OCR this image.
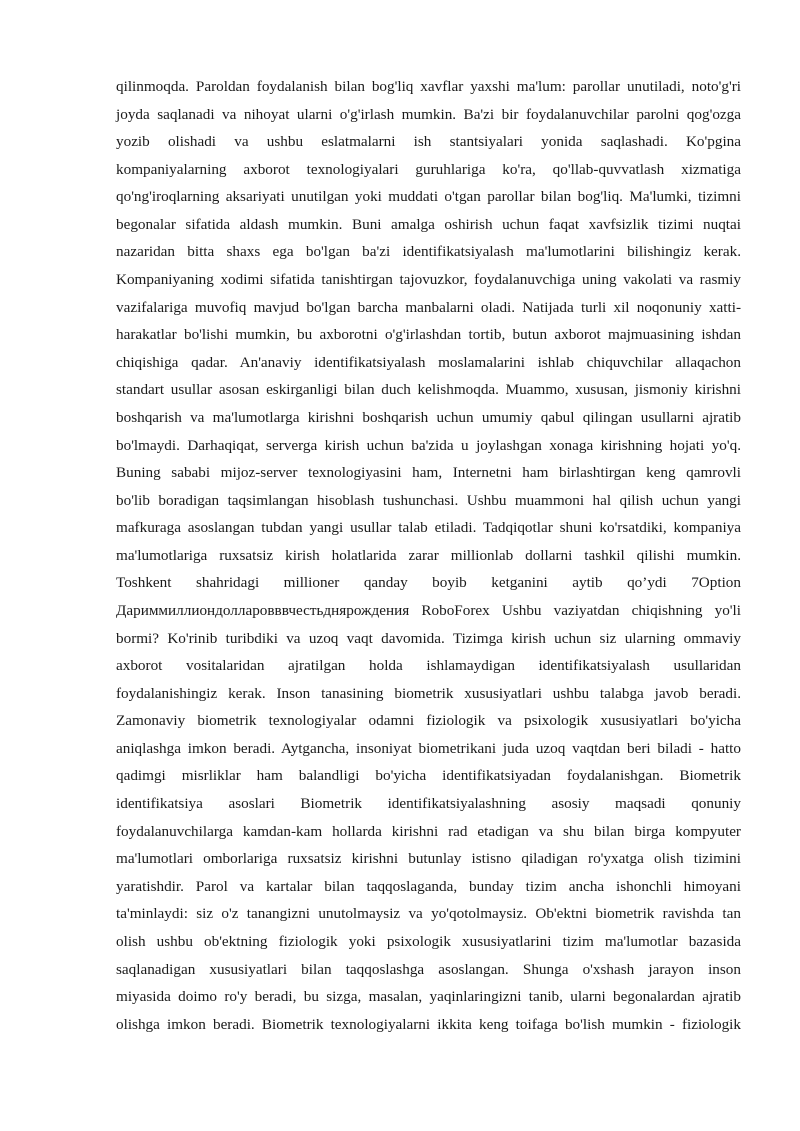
qilinmoqda. Paroldan foydalanish bilan bog'liq xavflar yaxshi ma'lum: parollar unutiladi, noto'g'ri
joyda saqlanadi va nihoyat ularni o'g'irlash mumkin. Ba'zi bir foydalanuvchilar parolni qog'ozga
yozib olishadi va ushbu eslatmalarni ish stantsiyalari yonida saqlashadi. Ko'pgina
kompaniyalarning axborot texnologiyalari guruhlariga ko'ra, qo'llab-quvvatlash xizmatiga
qo'ng'iroqlarning aksariyati unutilgan yoki muddati o'tgan parollar bilan bog'liq. Ma'lumki, tizimni
begonalar sifatida aldash mumkin. Buni amalga oshirish uchun faqat xavfsizlik tizimi nuqtai
nazaridan bitta shaxs ega bo'lgan ba'zi identifikatsiyalash ma'lumotlarini bilishingiz kerak.
Kompaniyaning xodimi sifatida tanishtirgan tajovuzkor, foydalanuvchiga uning vakolati va rasmiy
vazifalariga muvofiq mavjud bo'lgan barcha manbalarni oladi. Natijada turli xil noqonuniy xatti-
harakatlar bo'lishi mumkin, bu axborotni o'g'irlashdan tortib, butun axborot majmuasining ishdan
chiqishiga qadar. An'anaviy identifikatsiyalash moslamalarini ishlab chiquvchilar allaqachon
standart usullar asosan eskirganligi bilan duch kelishmoqda. Muammo, xususan, jismoniy kirishni
boshqarish va ma'lumotlarga kirishni boshqarish uchun umumiy qabul qilingan usullarni ajratib
bo'lmaydi. Darhaqiqat, serverga kirish uchun ba'zida u joylashgan xonaga kirishning hojati yo'q.
Buning sababi mijoz-server texnologiyasini ham, Internetni ham birlashtirgan keng qamrovli
bo'lib boradigan taqsimlangan hisoblash tushunchasi. Ushbu muammoni hal qilish uchun yangi
mafkuraga asoslangan tubdan yangi usullar talab etiladi. Tadqiqotlar shuni ko'rsatdiki, kompaniya
ma'lumotlariga ruxsatsiz kirish holatlarida zarar millionlab dollarni tashkil qilishi mumkin.
Toshkent shahridagi millioner qanday boyib ketganini aytib qo’ydi 7Option
Дариммиллиондолларовввчестьднярождения RoboForex Ushbu vaziyatdan chiqishning yo'li
bormi? Ko'rinib turibdiki va uzoq vaqt davomida. Tizimga kirish uchun siz ularning ommaviy
axborot vositalaridan ajratilgan holda ishlamaydigan identifikatsiyalash usullaridan
foydalanishingiz kerak. Inson tanasining biometrik xususiyatlari ushbu talabga javob beradi.
Zamonaviy biometrik texnologiyalar odamni fiziologik va psixologik xususiyatlari bo'yicha
aniqlashga imkon beradi. Aytgancha, insoniyat biometrikani juda uzoq vaqtdan beri biladi - hatto
qadimgi misrliklar ham balandligi bo'yicha identifikatsiyadan foydalanishgan. Biometrik
identifikatsiya asoslari Biometrik identifikatsiyalashning asosiy maqsadi qonuniy
foydalanuvchilarga kamdan-kam hollarda kirishni rad etadigan va shu bilan birga kompyuter
ma'lumotlari omborlariga ruxsatsiz kirishni butunlay istisno qiladigan ro'yxatga olish tizimini
yaratishdir. Parol va kartalar bilan taqqoslaganda, bunday tizim ancha ishonchli himoyani
ta'minlaydi: siz o'z tanangizni unutolmaysiz va yo'qotolmaysiz. Ob'ektni biometrik ravishda tan
olish ushbu ob'ektning fiziologik yoki psixologik xususiyatlarini tizim ma'lumotlar bazasida
saqlanadigan xususiyatlari bilan taqqoslashga asoslangan. Shunga o'xshash jarayon inson
miyasida doimo ro'y beradi, bu sizga, masalan, yaqinlaringizni tanib, ularni begonalardan ajratib
olishga imkon beradi. Biometrik texnologiyalarni ikkita keng toifaga bo'lish mumkin - fiziologik
